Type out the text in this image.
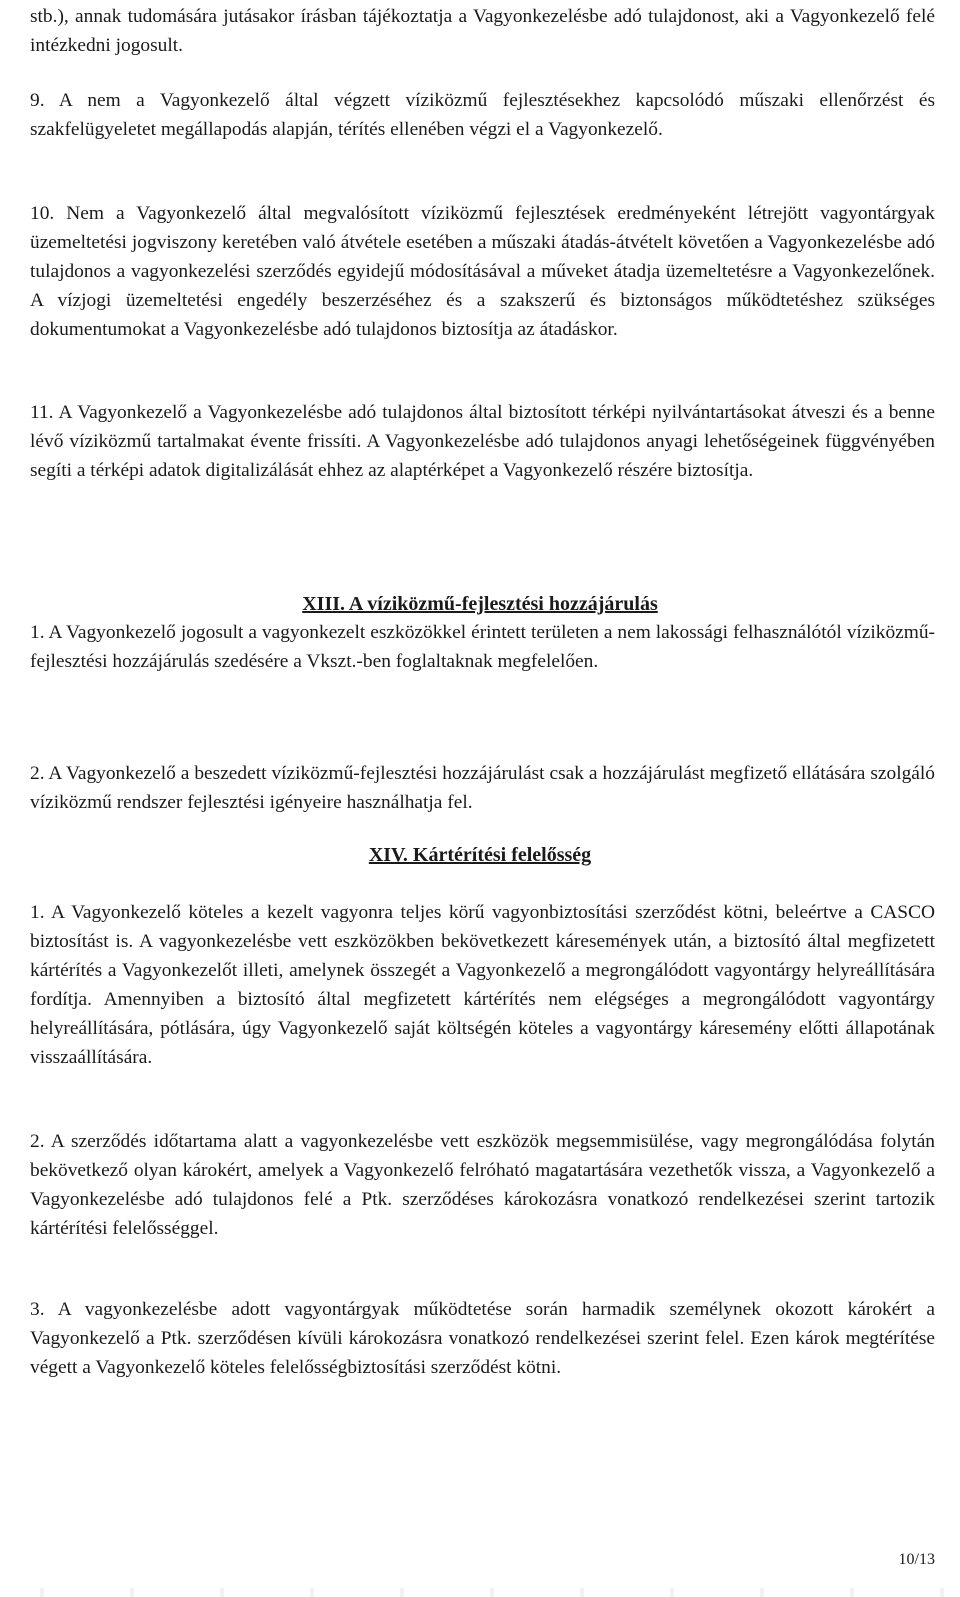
stb.), annak tudomására jutásakor írásban tájékoztatja a Vagyonkezelésbe adó tulajdonost, aki a Vagyonkezelő felé intézkedni jogosult.

9. A nem a Vagyonkezelő által végzett víziközmű fejlesztésekhez kapcsolódó műszaki ellenőrzést és szakfelügyeletet megállapodás alapján, térítés ellenében végzi el a Vagyonkezelő.

10. Nem a Vagyonkezelő által megvalósított víziközmű fejlesztések eredményeként létrejött vagyontárgyak üzemeltetési jogviszony keretében való átvétele esetében a műszaki átadás-átvételt követően a Vagyonkezelésbe adó tulajdonos a vagyonkezelési szerződés egyidejű módosításával a műveket átadja üzemeltetésre a Vagyonkezelőnek. A vízjogi üzemeltetési engedély beszerzéséhez és a szakszerű és biztonságos működtetéshez szükséges dokumentumokat a Vagyonkezelésbe adó tulajdonos biztosítja az átadáskor.

11. A Vagyonkezelő a Vagyonkezelésbe adó tulajdonos által biztosított térképi nyilvántartásokat átveszi és a benne lévő víziközmű tartalmakat évente frissíti. A Vagyonkezelésbe adó tulajdonos anyagi lehetőségeinek függvényében segíti a térképi adatok digitalizálását ehhez az alaptérképet a Vagyonkezelő részére biztosítja.

XIII. A víziközmű-fejlesztési hozzájárulás

1. A Vagyonkezelő jogosult a vagyonkezelt eszközökkel érintett területen a nem lakossági felhasználótól víziközmű-fejlesztési hozzájárulás szedésére a Vkszt.-ben foglaltaknak megfelelően.

2. A Vagyonkezelő a beszedett víziközmű-fejlesztési hozzájárulást csak a hozzájárulást megfizető ellátására szolgáló víziközmű rendszer fejlesztési igényeire használhatja fel.

XIV. Kártérítési felelősség

1. A Vagyonkezelő köteles a kezelt vagyonra teljes körű vagyonbiztosítási szerződést kötni, beleértve a CASCO biztosítást is. A vagyonkezelésbe vett eszközökben bekövetkezett káresemények után, a biztosító által megfizetett kártérítés a Vagyonkezelőt illeti, amelynek összegét a Vagyonkezelő a megrongálódott vagyontárgy helyreállítására fordítja. Amennyiben a biztosító által megfizetett kártérítés nem elégséges a megrongálódott vagyontárgy helyreállítására, pótlására, úgy Vagyonkezelő saját költségén köteles a vagyontárgy káresemény előtti állapotának visszaállítására.

2. A szerződés időtartama alatt a vagyonkezelésbe vett eszközök megsemmisülése, vagy megrongálódása folytán bekövetkező olyan károkért, amelyek a Vagyonkezelő felróható magatartására vezethetők vissza, a Vagyonkezelő a Vagyonkezelésbe adó tulajdonos felé a Ptk. szerződéses károkozásra vonatkozó rendelkezései szerint tartozik kártérítési felelősséggel.

3. A vagyonkezelésbe adott vagyontárgyak működtetése során harmadik személynek okozott károkért a Vagyonkezelő a Ptk. szerződésen kívüli károkozásra vonatkozó rendelkezései szerint felel. Ezen károk megtérítése végett a Vagyonkezelő köteles felelősségbiztosítási szerződést kötni.

10/13
